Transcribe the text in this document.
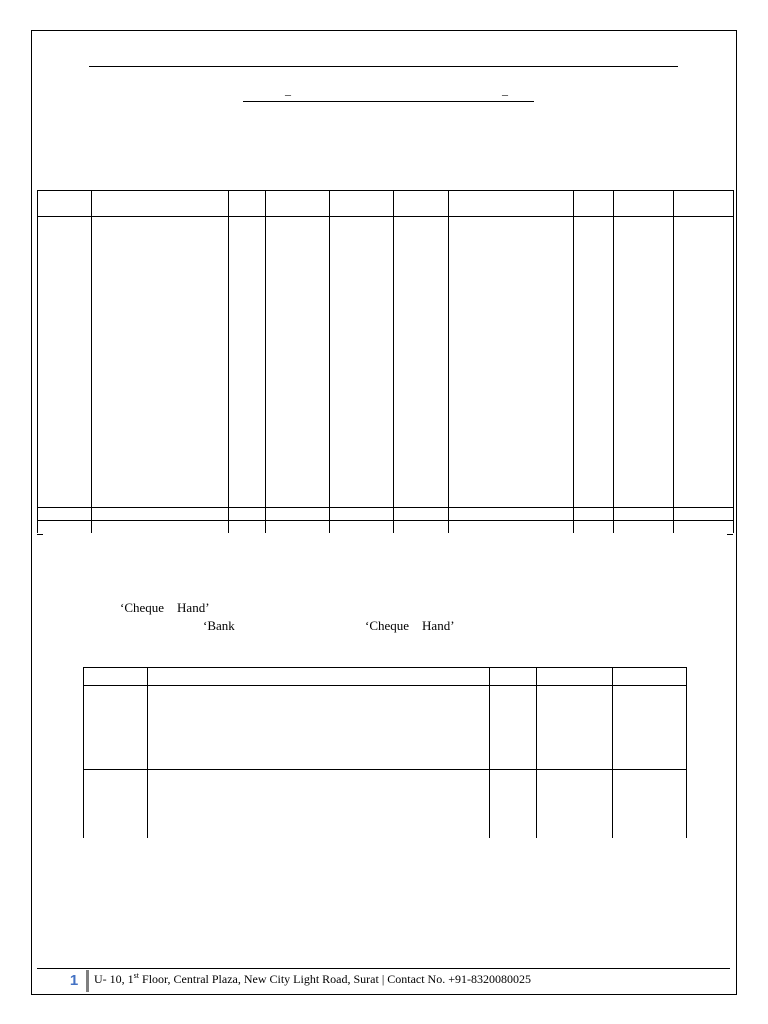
–	–

‘Cheque    Hand’
‘Bank	‘Cheque    Hand’

1	U- 10, 1st Floor, Central Plaza, New City Light Road, Surat | Contact No. +91-8320080025
